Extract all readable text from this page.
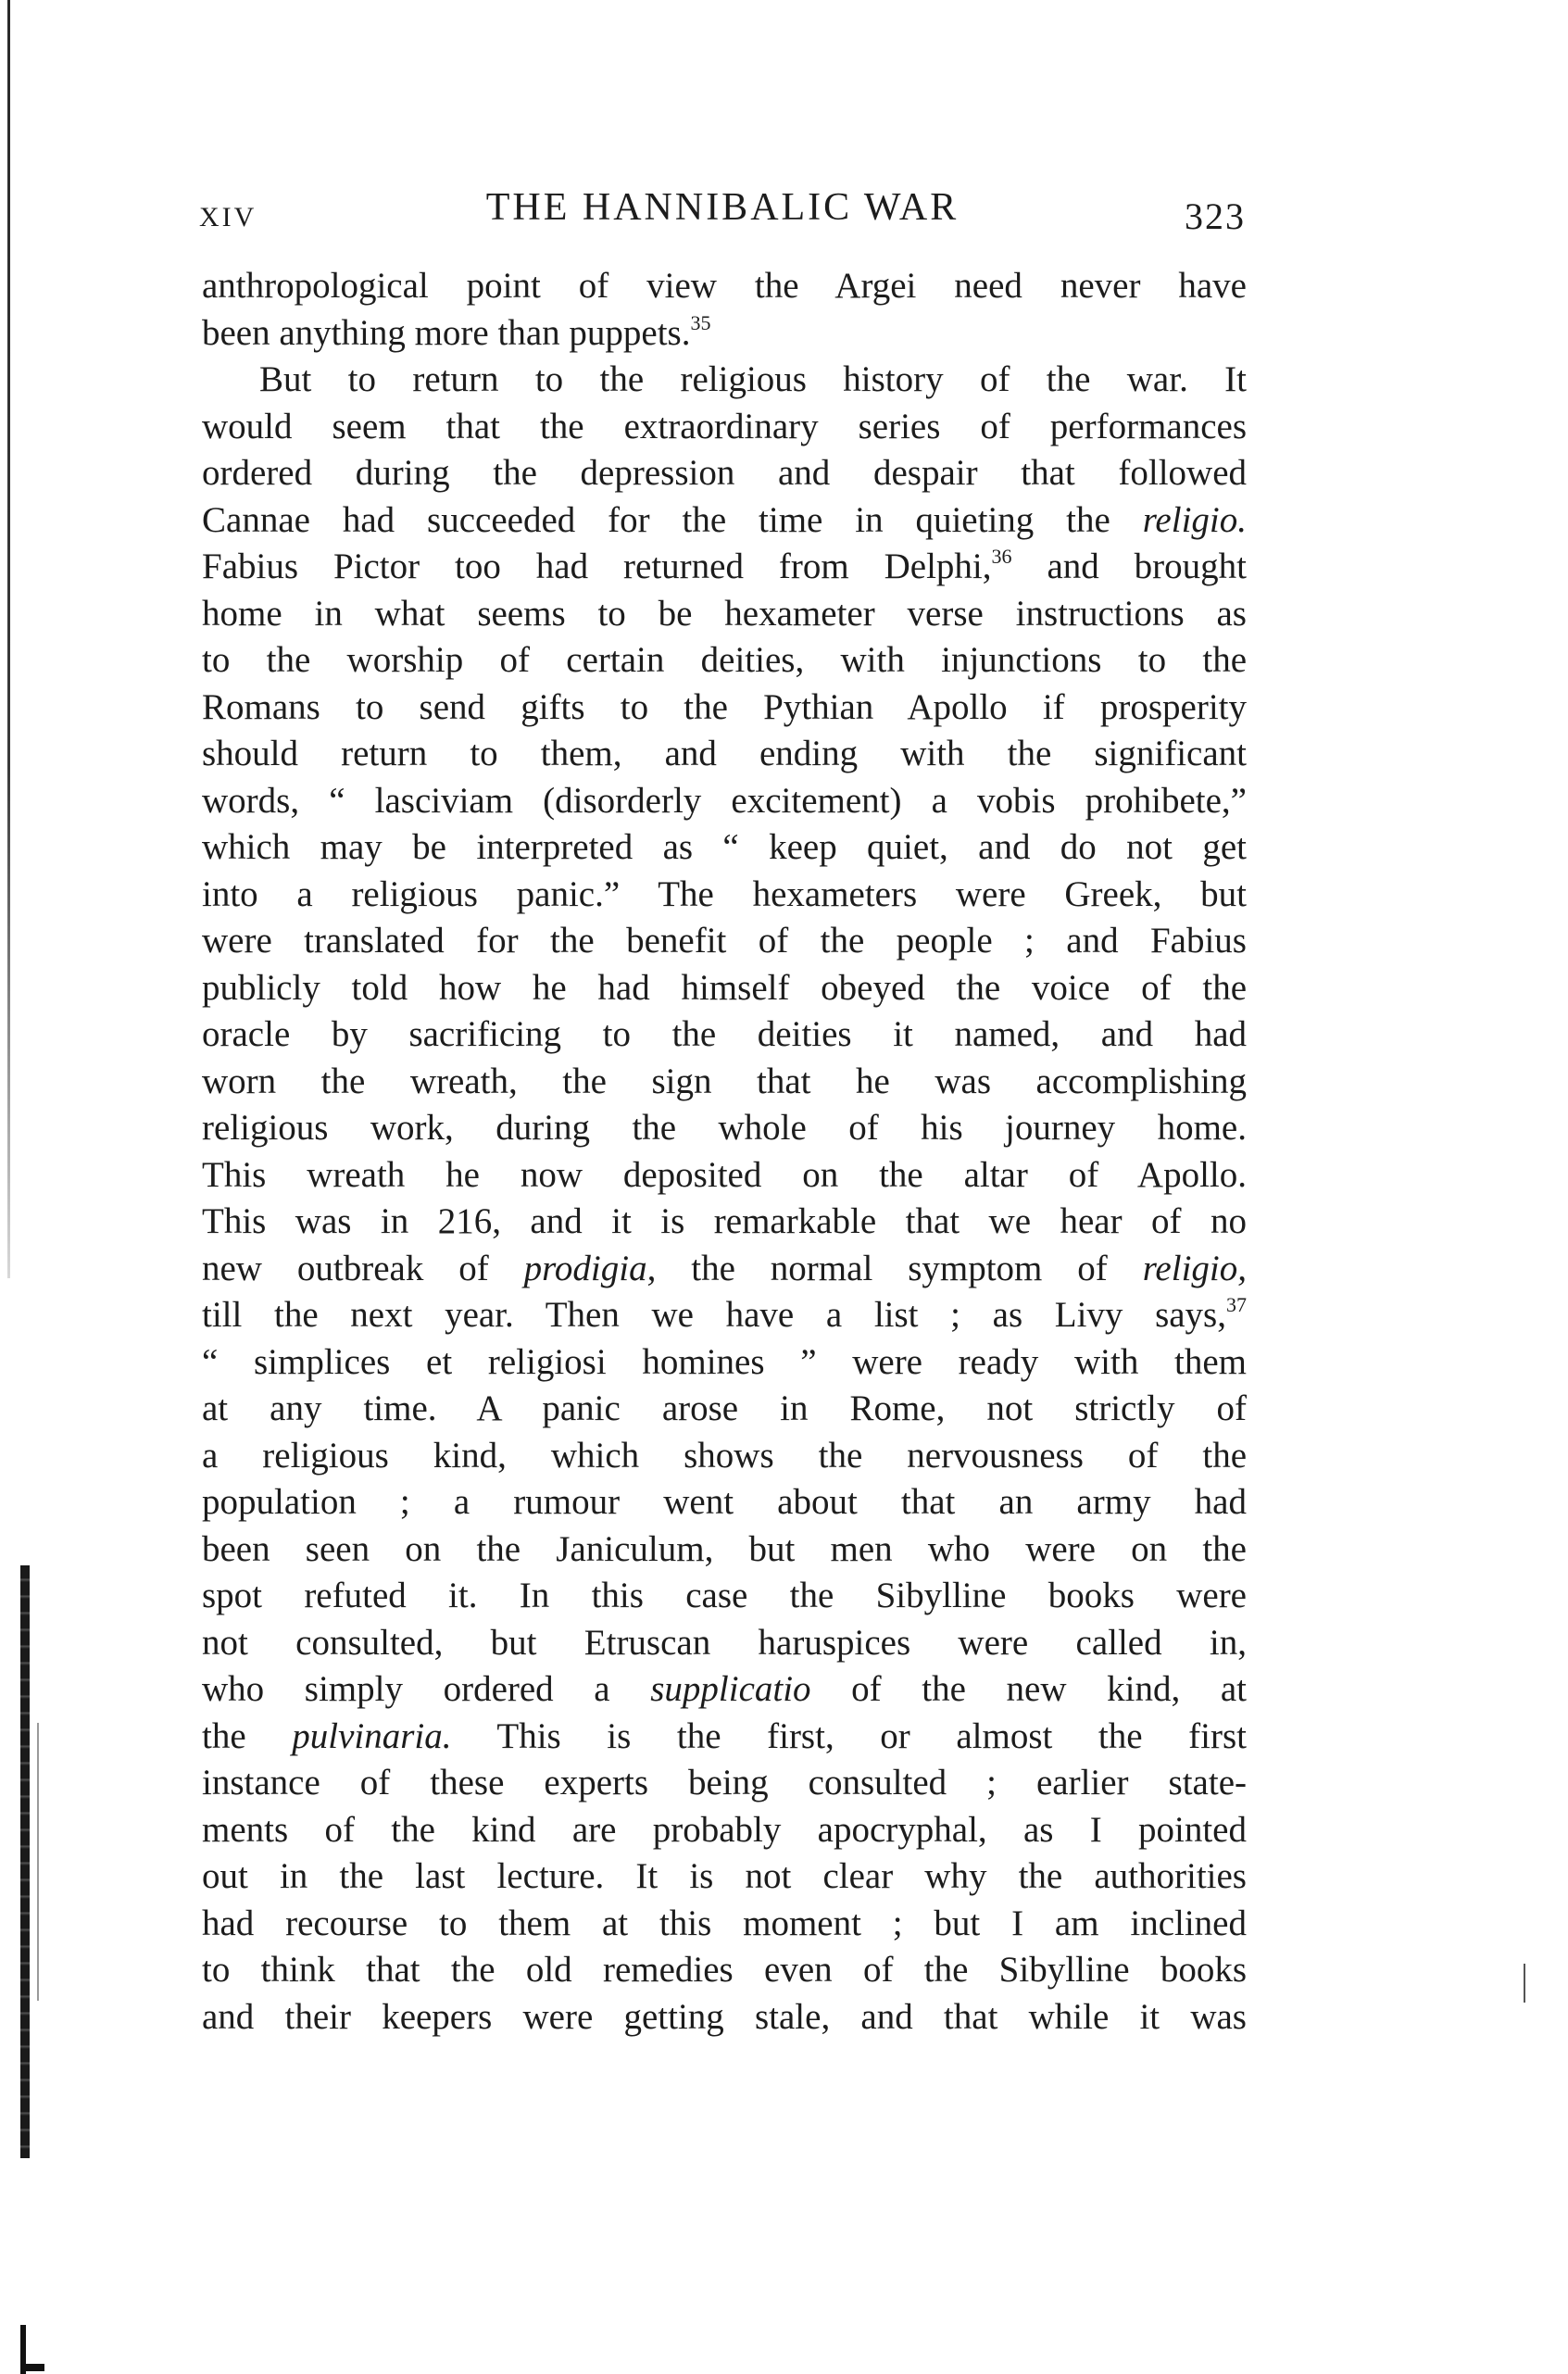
XIV	THE HANNIBALIC WAR	323
anthropological point of view the Argei need never have
been anything more than puppets.$^{35}$
But to return to the religious history of the war. It
would seem that the extraordinary series of performances
ordered during the depression and despair that followed
Cannae had succeeded for the time in quieting the religio.
Fabius Pictor too had returned from Delphi,$^{36}$ and brought
home in what seems to be hexameter verse instructions as
to the worship of certain deities, with injunctions to the
Romans to send gifts to the Pythian Apollo if prosperity
should return to them, and ending with the significant
words, “ lasciviam (disorderly excitement) a vobis prohibete,”
which may be interpreted as “ keep quiet, and do not get
into a religious panic.” The hexameters were Greek, but
were translated for the benefit of the people ; and Fabius
publicly told how he had himself obeyed the voice of the
oracle by sacrificing to the deities it named, and had
worn the wreath, the sign that he was accomplishing
religious work, during the whole of his journey home.
This wreath he now deposited on the altar of Apollo.
This was in 216, and it is remarkable that we hear of no
new outbreak of prodigia, the normal symptom of religio,
till the next year. Then we have a list ; as Livy says,$^{37}$
“ simplices et religiosi homines ” were ready with them
at any time. A panic arose in Rome, not strictly of
a religious kind, which shows the nervousness of the
population ; a rumour went about that an army had
been seen on the Janiculum, but men who were on the
spot refuted it. In this case the Sibylline books were
not consulted, but Etruscan haruspices were called in,
who simply ordered a supplicatio of the new kind, at
the pulvinaria. This is the first, or almost the first
instance of these experts being consulted ; earlier state-
ments of the kind are probably apocryphal, as I pointed
out in the last lecture. It is not clear why the authorities
had recourse to them at this moment ; but I am inclined
to think that the old remedies even of the Sibylline books
and their keepers were getting stale, and that while it was
